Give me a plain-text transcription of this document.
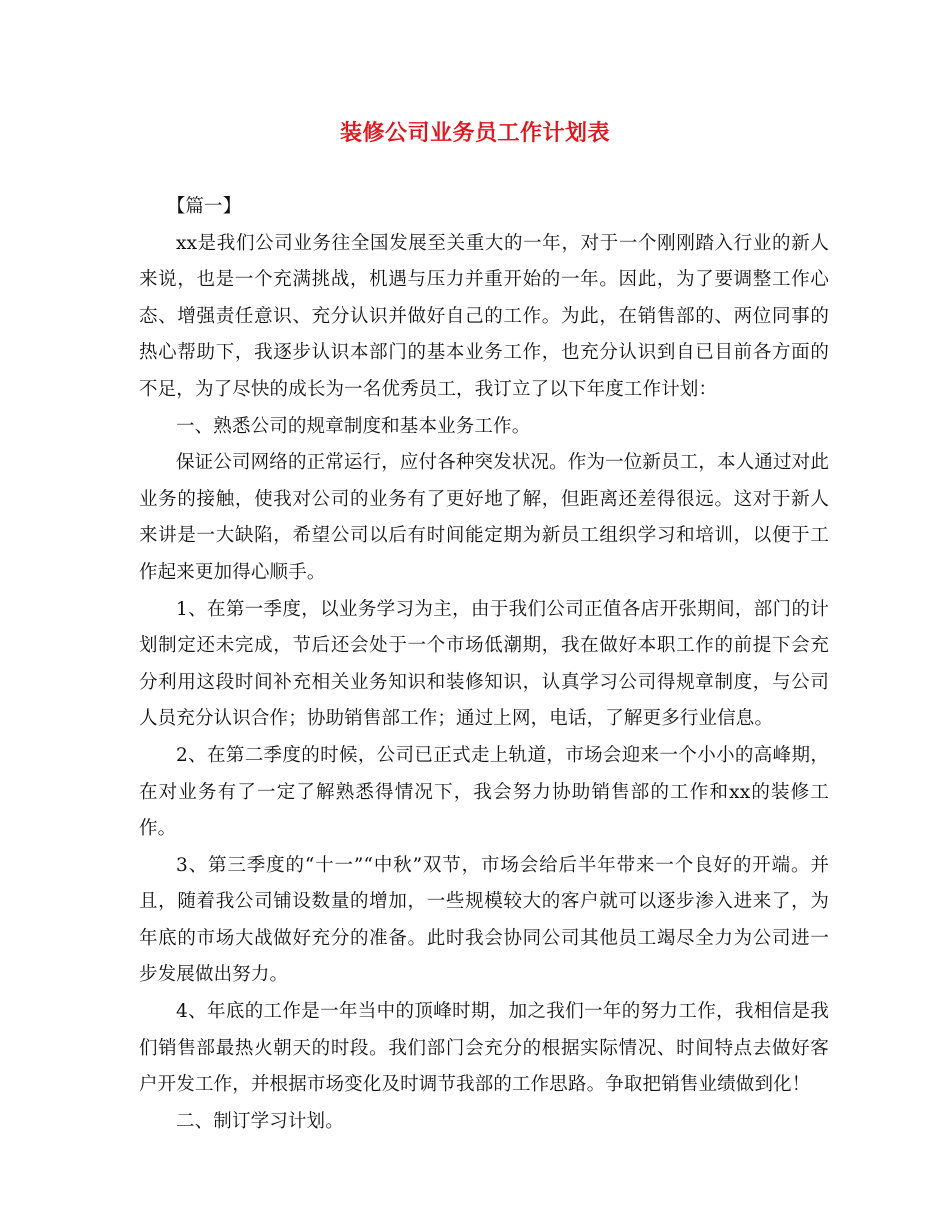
装修公司业务员工作计划表

【篇一】

xx是我们公司业务往全国发展至关重大的一年，对于一个刚刚踏入行业的新人来说，也是一个充满挑战，机遇与压力并重开始的一年。因此，为了要调整工作心态、增强责任意识、充分认识并做好自己的工作。为此，在销售部的、两位同事的热心帮助下，我逐步认识本部门的基本业务工作，也充分认识到自已目前各方面的不足，为了尽快的成长为一名优秀员工，我订立了以下年度工作计划：

一、熟悉公司的规章制度和基本业务工作。

保证公司网络的正常运行，应付各种突发状况。作为一位新员工，本人通过对此业务的接触，使我对公司的业务有了更好地了解，但距离还差得很远。这对于新人来讲是一大缺陷，希望公司以后有时间能定期为新员工组织学习和培训，以便于工作起来更加得心顺手。

1、在第一季度，以业务学习为主，由于我们公司正值各店开张期间，部门的计划制定还未完成，节后还会处于一个市场低潮期，我在做好本职工作的前提下会充分利用这段时间补充相关业务知识和装修知识，认真学习公司得规章制度，与公司人员充分认识合作；协助销售部工作；通过上网，电话，了解更多行业信息。

2、在第二季度的时候，公司已正式走上轨道，市场会迎来一个小小的高峰期，在对业务有了一定了解熟悉得情况下，我会努力协助销售部的工作和xx的装修工作。

3、第三季度的“十一”“中秋”双节，市场会给后半年带来一个良好的开端。并且，随着我公司铺设数量的增加，一些规模较大的客户就可以逐步渗入进来了，为年底的市场大战做好充分的准备。此时我会协同公司其他员工竭尽全力为公司进一步发展做出努力。

4、年底的工作是一年当中的顶峰时期，加之我们一年的努力工作，我相信是我们销售部最热火朝天的时段。我们部门会充分的根据实际情况、时间特点去做好客户开发工作，并根据市场变化及时调节我部的工作思路。争取把销售业绩做到化！

二、制订学习计划。
